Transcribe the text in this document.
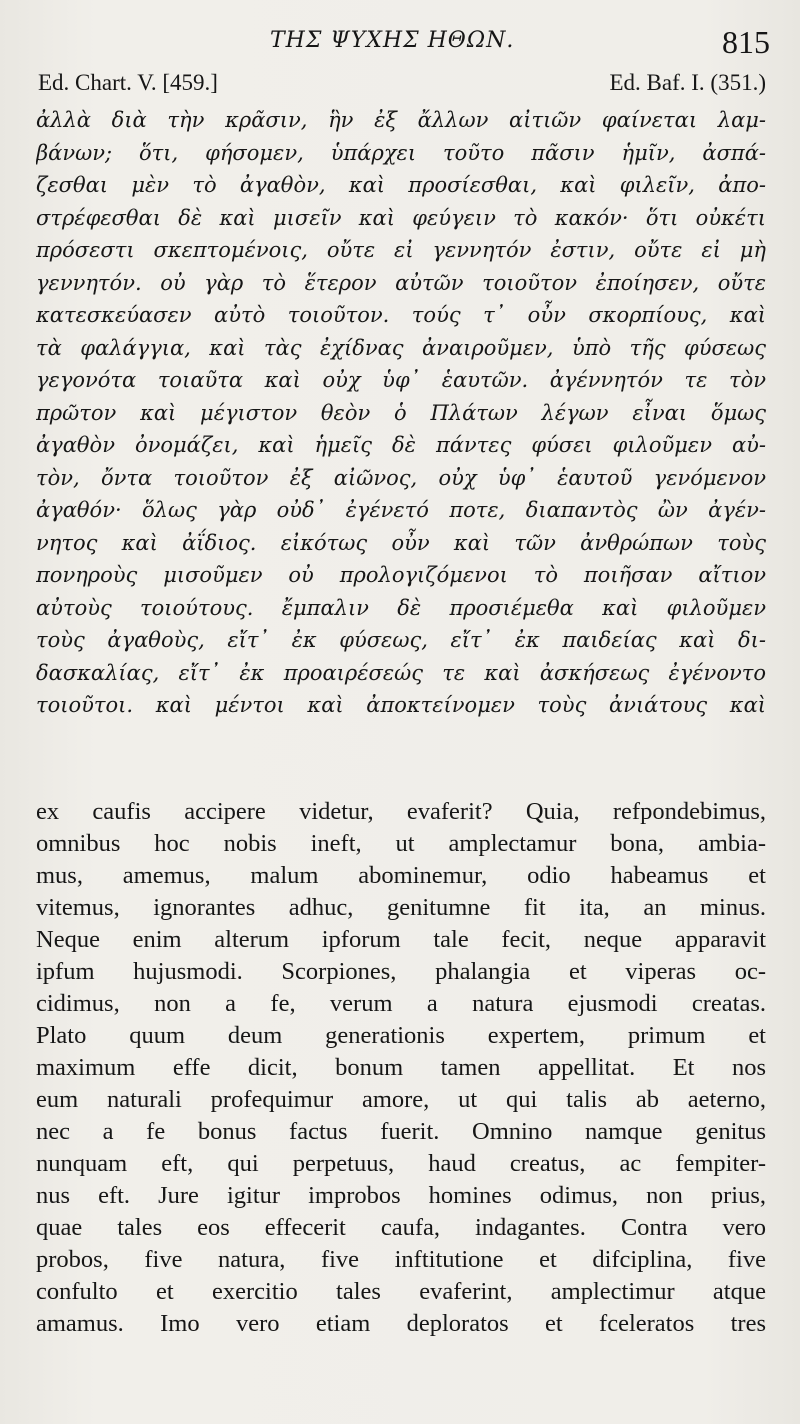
ΤΗΣ ΨΥΧΗΣ ΗΘΩΝ.	815
Ed. Chart. V. [459.]	Ed. Baf. I. (351.)
ἀλλὰ διὰ τὴν κρᾶσιν, ἣν ἐξ ἄλλων αἰτιῶν φαίνεται λαμ-
βάνων; ὅτι, φήσομεν, ὑπάρχει τοῦτο πᾶσιν ἡμῖν, ἀσπά-
ζεσθαι μὲν τὸ ἀγαθὸν, καὶ προσίεσθαι, καὶ φιλεῖν, ἀπο-
στρέφεσθαι δὲ καὶ μισεῖν καὶ φεύγειν τὸ κακόν· ὅτι οὐκέτι
πρόσεστι σκεπτομένοις, οὔτε εἰ γεννητόν ἐστιν, οὔτε εἰ μὴ
γεννητόν. οὐ γὰρ τὸ ἕτερον αὐτῶν τοιοῦτον ἐποίησεν, οὔτε
κατεσκεύασεν αὐτὸ τοιοῦτον. τούς τ᾽ οὖν σκορπίους, καὶ
τὰ φαλάγγια, καὶ τὰς ἐχίδνας ἀναιροῦμεν, ὑπὸ τῆς φύσεως
γεγονότα τοιαῦτα καὶ οὐχ ὑφ᾽ ἑαυτῶν. ἀγέννητόν τε τὸν
πρῶτον καὶ μέγιστον θεὸν ὁ Πλάτων λέγων εἶναι ὅμως
ἀγαθὸν ὀνομάζει, καὶ ἡμεῖς δὲ πάντες φύσει φιλοῦμεν αὐ-
τὸν, ὄντα τοιοῦτον ἐξ αἰῶνος, οὐχ ὑφ᾽ ἑαυτοῦ γενόμενον
ἀγαθόν· ὅλως γὰρ οὐδ᾽ ἐγένετό ποτε, διαπαντὸς ὢν ἀγέν-
νητος καὶ ἀΐδιος. εἰκότως οὖν καὶ τῶν ἀνθρώπων τοὺς
πονηροὺς μισοῦμεν οὐ προλογιζόμενοι τὸ ποιῆσαν αἴτιον
αὐτοὺς τοιούτους. ἔμπαλιν δὲ προσιέμεθα καὶ φιλοῦμεν
τοὺς ἀγαθοὺς, εἴτ᾽ ἐκ φύσεως, εἴτ᾽ ἐκ παιδείας καὶ δι-
δασκαλίας, εἴτ᾽ ἐκ προαιρέσεώς τε καὶ ἀσκήσεως ἐγένοντο
τοιοῦτοι. καὶ μέντοι καὶ ἀποκτείνομεν τοὺς ἀνιάτους καὶ
ex caufis accipere videtur, evaferit? Quia, refpondebimus,
omnibus hoc nobis ineft, ut amplectamur bona, ambia-
mus, amemus, malum abominemur, odio habeamus et
vitemus, ignorantes adhuc, genitumne fit ita, an minus.
Neque enim alterum ipforum tale fecit, neque apparavit
ipfum hujusmodi. Scorpiones, phalangia et viperas oc-
cidimus, non a fe, verum a natura ejusmodi creatas.
Plato quum deum generationis expertem, primum et
maximum effe dicit, bonum tamen appellitat. Et nos
eum naturali profequimur amore, ut qui talis ab aeterno,
nec a fe bonus factus fuerit. Omnino namque genitus
nunquam eft, qui perpetuus, haud creatus, ac fempiter-
nus eft. Jure igitur improbos homines odimus, non prius,
quae tales eos effecerit caufa, indagantes. Contra vero
probos, five natura, five inftitutione et difciplina, five
confulto et exercitio tales evaferint, amplectimur atque
amamus. Imo vero etiam deploratos et fceleratos tres
